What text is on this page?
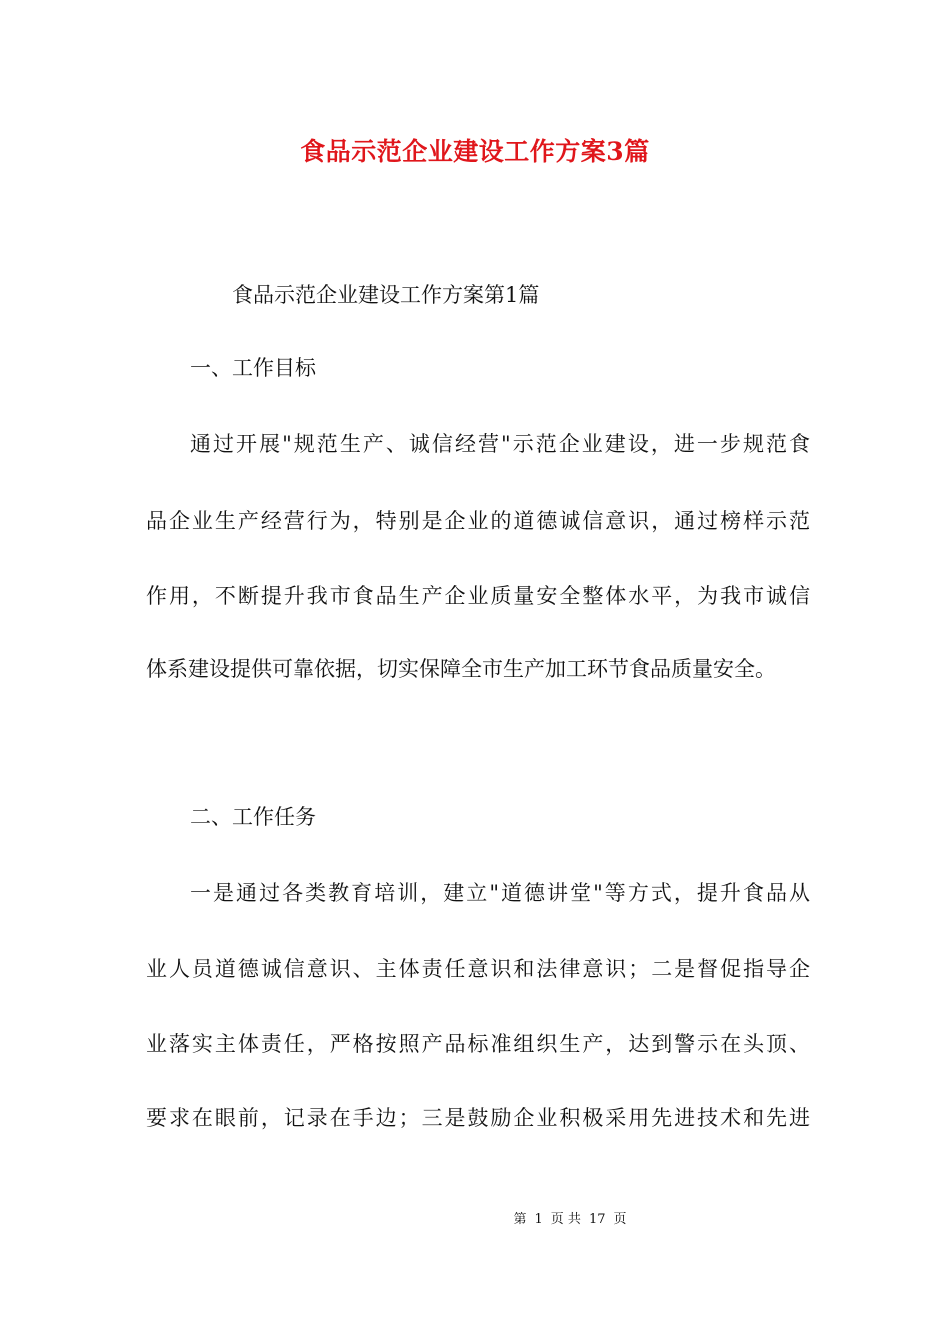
食品示范企业建设工作方案3篇
食品示范企业建设工作方案第1篇
一、工作目标
通过开展"规范生产、诚信经营"示范企业建设，进一步规范食
品企业生产经营行为，特别是企业的道德诚信意识，通过榜样示范
作用，不断提升我市食品生产企业质量安全整体水平，为我市诚信
体系建设提供可靠依据，切实保障全市生产加工环节食品质量安全。
二、工作任务
一是通过各类教育培训，建立"道德讲堂"等方式，提升食品从
业人员道德诚信意识、主体责任意识和法律意识；二是督促指导企
业落实主体责任，严格按照产品标准组织生产，达到警示在头顶、
要求在眼前，记录在手边；三是鼓励企业积极采用先进技术和先进
第 1 页 共 17 页
